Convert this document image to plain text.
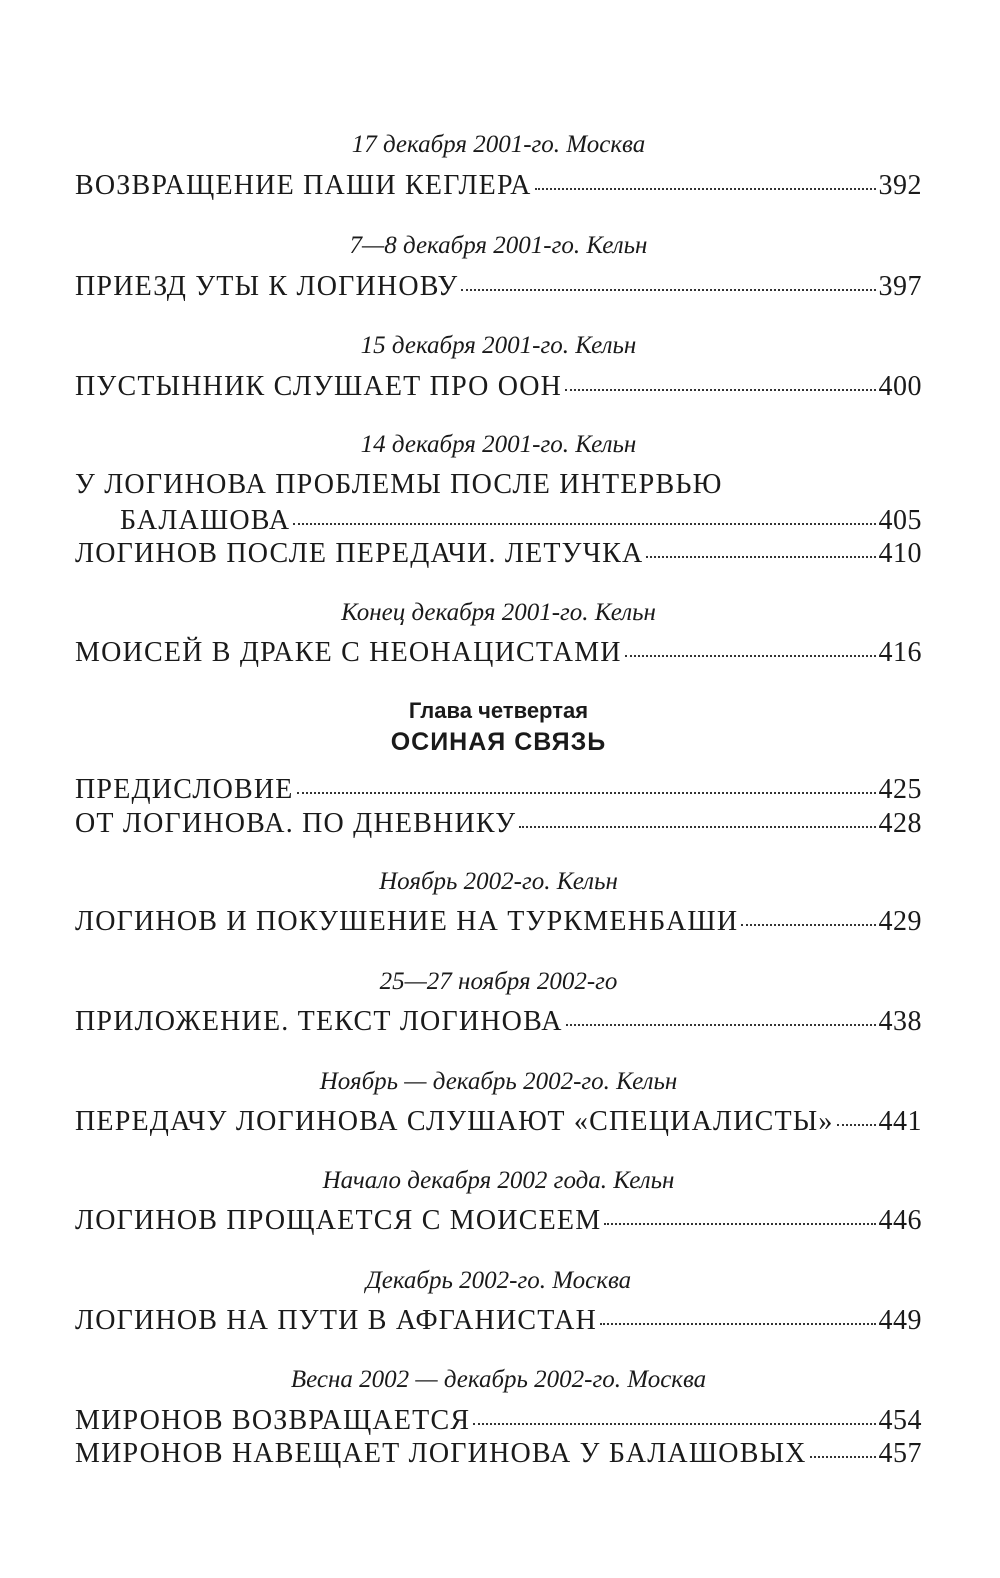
17 декабря 2001-го. Москва
ВОЗВРАЩЕНИЕ ПАШИ КЕГЛЕРА	392
7—8 декабря 2001-го. Кельн
ПРИЕЗД УТЫ К ЛОГИНОВУ	397
15 декабря 2001-го. Кельн
ПУСТЫННИК СЛУШАЕТ ПРО ООН	400
14 декабря 2001-го. Кельн
У ЛОГИНОВА ПРОБЛЕМЫ ПОСЛЕ ИНТЕРВЬЮ
БАЛАШОВА	405
ЛОГИНОВ ПОСЛЕ ПЕРЕДАЧИ. ЛЕТУЧКА	410
Конец декабря 2001-го. Кельн
МОИСЕЙ В ДРАКЕ С НЕОНАЦИСТАМИ	416
Глава четвертая
ОСИНАЯ СВЯЗЬ
ПРЕДИСЛОВИЕ	425
ОТ ЛОГИНОВА. ПО ДНЕВНИКУ	428
Ноябрь 2002-го. Кельн
ЛОГИНОВ И ПОКУШЕНИЕ НА ТУРКМЕНБАШИ	429
25—27 ноября 2002-го
ПРИЛОЖЕНИЕ. ТЕКСТ ЛОГИНОВА	438
Ноябрь — декабрь 2002-го. Кельн
ПЕРЕДАЧУ ЛОГИНОВА СЛУШАЮТ «СПЕЦИАЛИСТЫ» 441
Начало декабря 2002 года. Кельн
ЛОГИНОВ ПРОЩАЕТСЯ С МОИСЕЕМ	446
Декабрь 2002-го. Москва
ЛОГИНОВ НА ПУТИ В АФГАНИСТАН	449
Весна 2002 — декабрь 2002-го. Москва
МИРОНОВ ВОЗВРАЩАЕТСЯ	454
МИРОНОВ НАВЕЩАЕТ ЛОГИНОВА У БАЛАШОВЫХ	457
